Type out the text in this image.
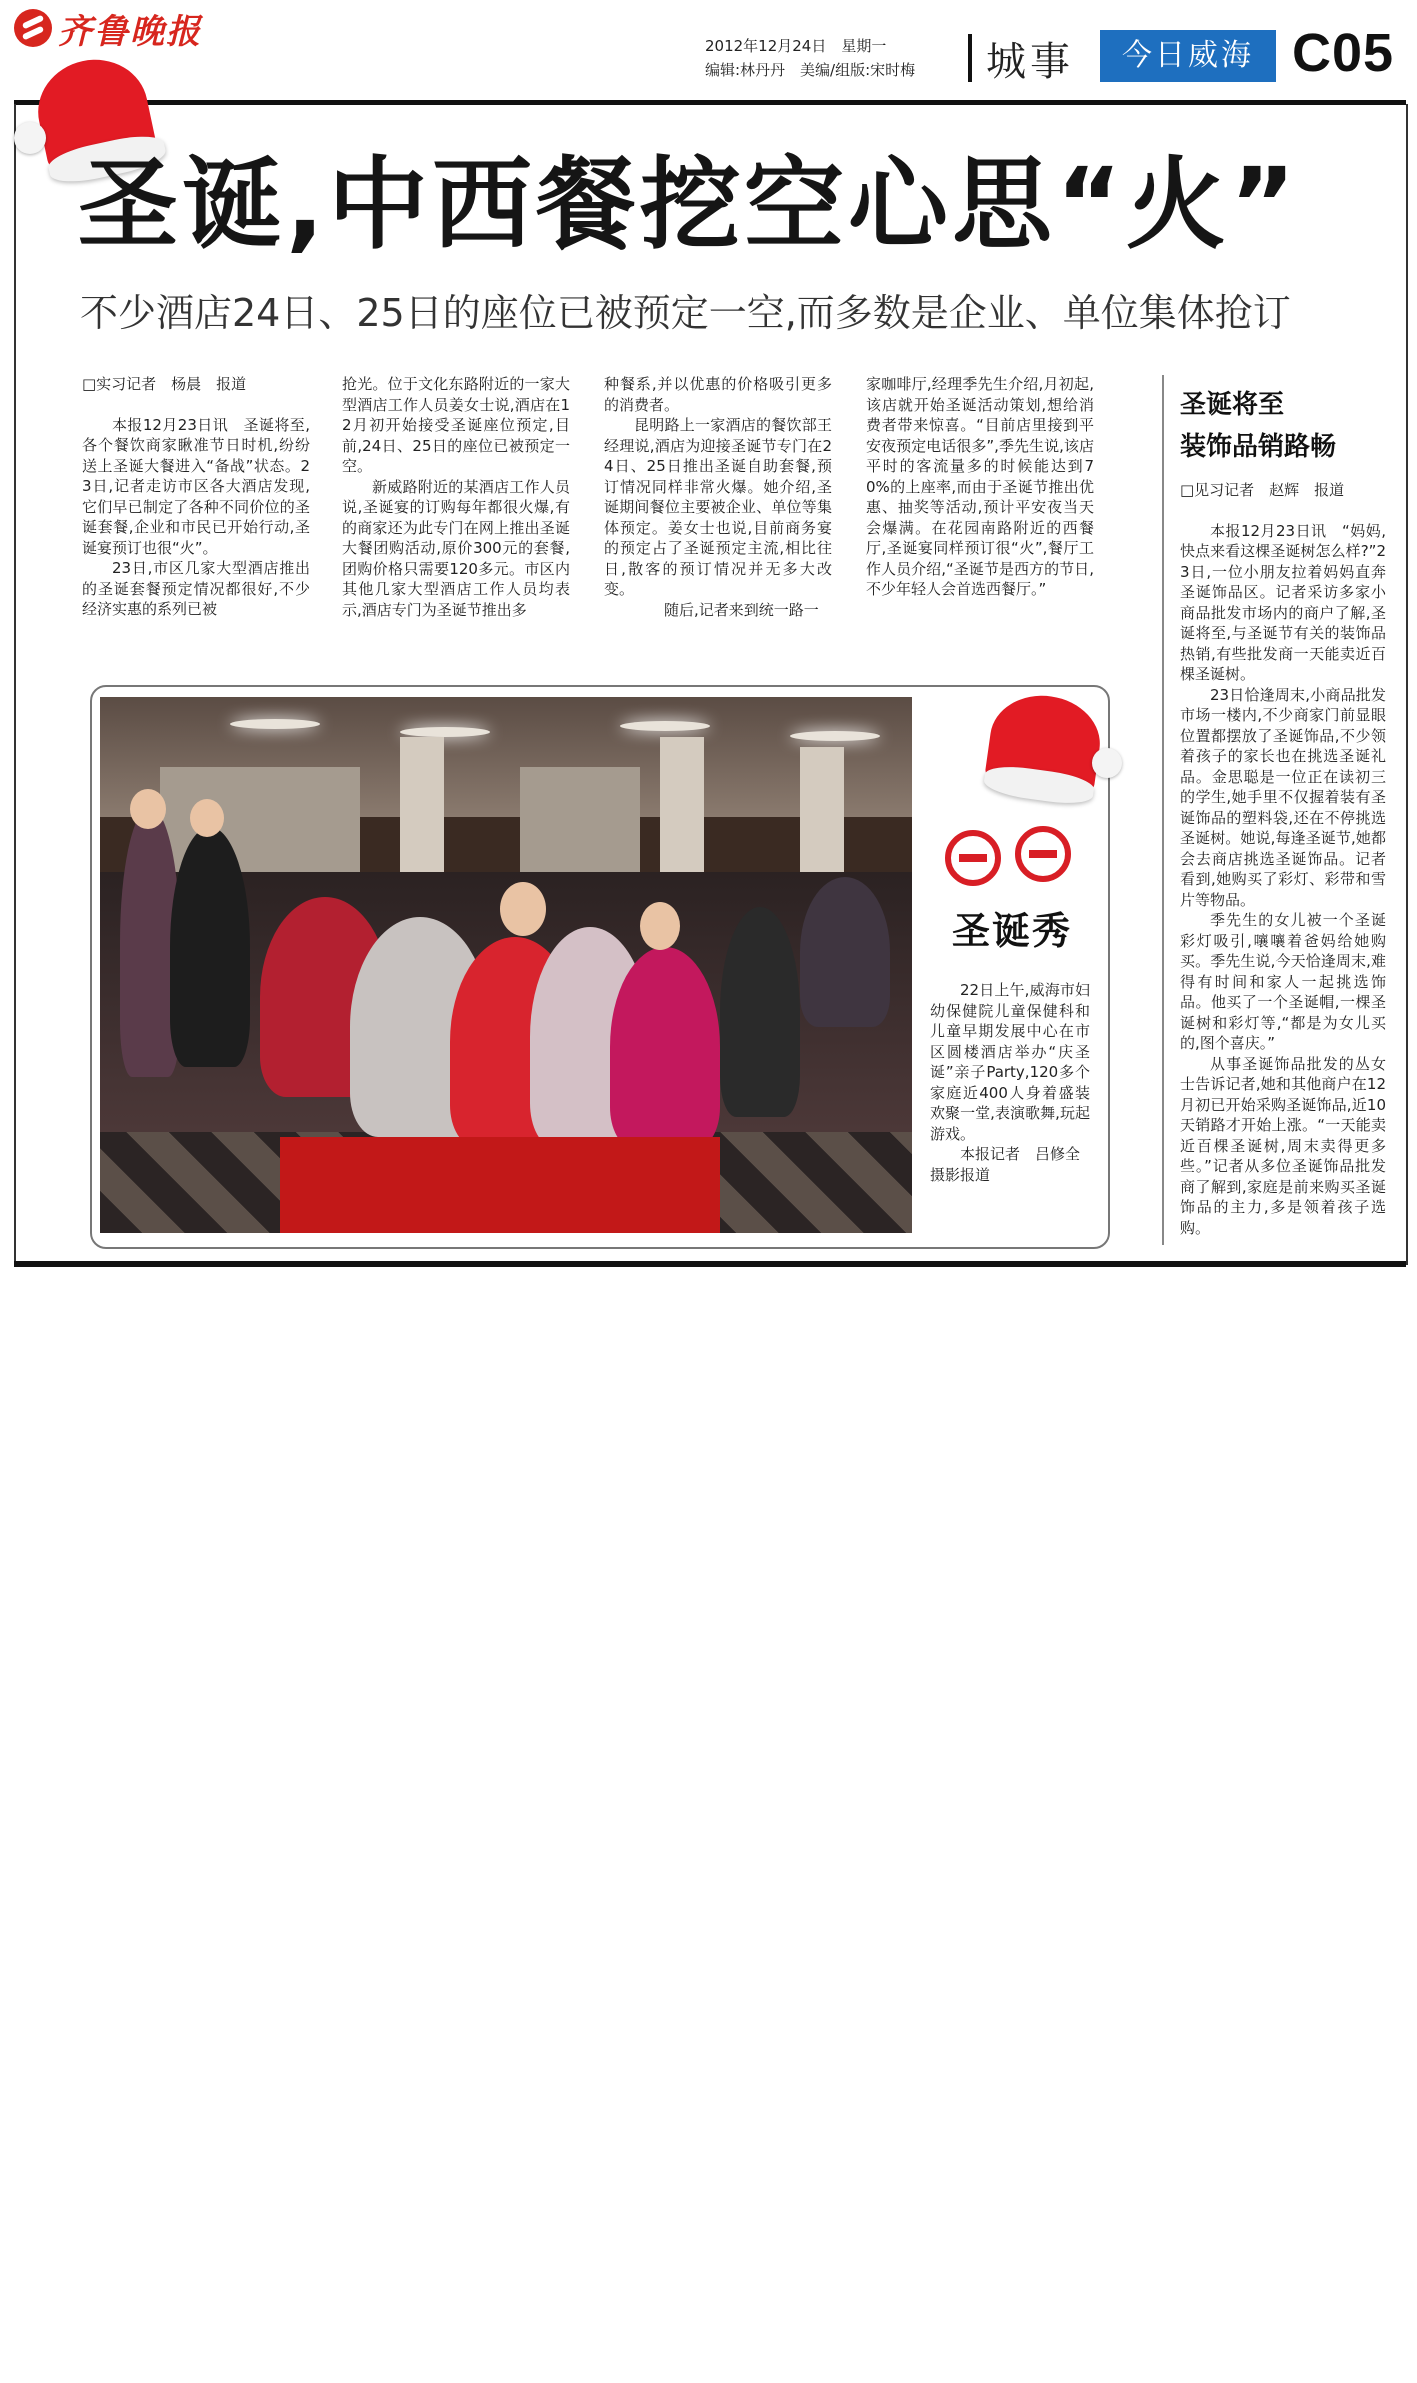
齐鲁晚报	2012年12月24日　星期一
编辑:林丹丹　美编/组版:宋时梅	城事	今日威海 C05
圣诞,中西餐挖空心思“火”
不少酒店24日、25日的座位已被预定一空,而多数是企业、单位集体抢订
□实习记者　杨晨　报道

本报12月23日讯　圣诞将至,各个餐饮商家瞅准节日时机,纷纷送上圣诞大餐进入“备战”状态。23日,记者走访市区各大酒店发现,它们早已制定了各种不同价位的圣诞套餐,企业和市民已开始行动,圣诞宴预订也很“火”。

23日,市区几家大型酒店推出的圣诞套餐预定情况都很好,不少经济实惠的系列已被

抢光。位于文化东路附近的一家大型酒店工作人员姜女士说,酒店在12月初开始接受圣诞座位预定,目前,24日、25日的座位已被预定一空。

新威路附近的某酒店工作人员说,圣诞宴的订购每年都很火爆,有的商家还为此专门在网上推出圣诞大餐团购活动,原价300元的套餐,团购价格只需要120多元。市区内其他几家大型酒店工作人员均表示,酒店专门为圣诞节推出多

种餐系,并以优惠的价格吸引更多的消费者。

昆明路上一家酒店的餐饮部王经理说,酒店为迎接圣诞节专门在24日、25日推出圣诞自助套餐,预订情况同样非常火爆。她介绍,圣诞期间餐位主要被企业、单位等集体预定。姜女士也说,目前商务宴的预定占了圣诞预定主流,相比往日,散客的预订情况并无多大改变。

随后,记者来到统一路一

家咖啡厅,经理季先生介绍,月初起,该店就开始圣诞活动策划,想给消费者带来惊喜。“目前店里接到平安夜预定电话很多”,季先生说,该店平时的客流量多的时候能达到70%的上座率,而由于圣诞节推出优惠、抽奖等活动,预计平安夜当天会爆满。在花园南路附近的西餐厅,圣诞宴同样预订很“火”,餐厅工作人员介绍,“圣诞节是西方的节日,不少年轻人会首选西餐厅。”

圣诞将至
装饰品销路畅
□见习记者　赵辉　报道

本报12月23日讯　“妈妈,快点来看这棵圣诞树怎么样?”23日,一位小朋友拉着妈妈直奔圣诞饰品区。记者采访多家小商品批发市场内的商户了解,圣诞将至,与圣诞节有关的装饰品热销,有些批发商一天能卖近百棵圣诞树。

23日恰逢周末,小商品批发市场一楼内,不少商家门前显眼位置都摆放了圣诞饰品,不少领着孩子的家长也在挑选圣诞礼品。金思聪是一位正在读初三的学生,她手里不仅握着装有圣诞饰品的塑料袋,还在不停挑选圣诞树。她说,每逢圣诞节,她都会去商店挑选圣诞饰品。记者看到,她购买了彩灯、彩带和雪片等物品。

季先生的女儿被一个圣诞彩灯吸引,嚷嚷着爸妈给她购买。季先生说,今天恰逢周末,难得有时间和家人一起挑选饰品。他买了一个圣诞帽,一棵圣诞树和彩灯等,“都是为女儿买的,图个喜庆。”

从事圣诞饰品批发的丛女士告诉记者,她和其他商户在12月初已开始采购圣诞饰品,近10天销路才开始上涨。“一天能卖近百棵圣诞树,周末卖得更多些。”记者从多位圣诞饰品批发商了解到,家庭是前来购买圣诞饰品的主力,多是领着孩子选购。

圣诞秀

22日上午,威海市妇幼保健院儿童保健科和儿童早期发展中心在市区圆楼酒店举办“庆圣诞”亲子Party,120多个家庭近400人身着盛装欢聚一堂,表演歌舞,玩起游戏。

本报记者　吕修全

摄影报道
